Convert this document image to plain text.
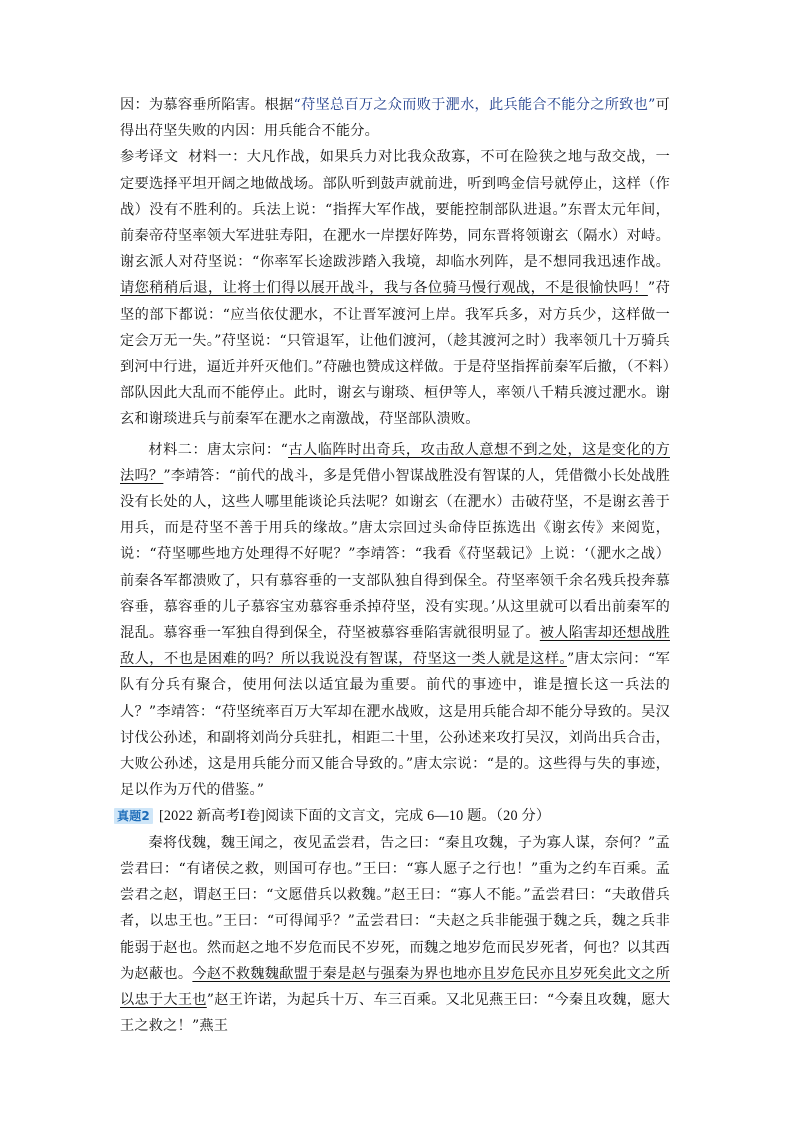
因：为慕容垂所陷害。根据“苻坚总百万之众而败于淝水，此兵能合不能分之所致也”可得出苻坚失败的内因：用兵能合不能分。

参考译文 材料一：大凡作战，如果兵力对比我众敌寡，不可在险狭之地与敌交战，一定要选择平坦开阔之地做战场。部队听到鼓声就前进，听到鸣金信号就停止，这样（作战）没有不胜利的。兵法上说：“指挥大军作战，要能控制部队进退。”东晋太元年间，前秦帝苻坚率领大军进驻寿阳，在淝水一岸摆好阵势，同东晋将领谢玄（隔水）对峙。谢玄派人对苻坚说：“你率军长途跋涉踏入我境，却临水列阵，是不想同我迅速作战。请您稍稍后退，让将士们得以展开战斗，我与各位骑马慢行观战，不是很愉快吗！”苻坚的部下都说：“应当依仗淝水，不让晋军渡河上岸。我军兵多，对方兵少，这样做一定会万无一失。”苻坚说：“只管退军，让他们渡河，（趁其渡河之时）我率领几十万骑兵到河中行进，逼近并歼灭他们。”苻融也赞成这样做。于是苻坚指挥前秦军后撤，（不料）部队因此大乱而不能停止。此时，谢玄与谢琰、桓伊等人，率领八千精兵渡过淝水。谢玄和谢琰进兵与前秦军在淝水之南激战，苻坚部队溃败。

材料二：唐太宗问：“古人临阵时出奇兵，攻击敌人意想不到之处，这是变化的方法吗？”李靖答：“前代的战斗，多是凭借小智谋战胜没有智谋的人，凭借微小长处战胜没有长处的人，这些人哪里能谈论兵法呢？如谢玄（在淝水）击破苻坚，不是谢玄善于用兵，而是苻坚不善于用兵的缘故。”唐太宗回过头命侍臣拣选出《谢玄传》来阅览，说：“苻坚哪些地方处理得不好呢？”李靖答：“我看《苻坚载记》上说：‘（淝水之战）前秦各军都溃败了，只有慕容垂的一支部队独自得到保全。苻坚率领千余名残兵投奔慕容垂，慕容垂的儿子慕容宝劝慕容垂杀掉苻坚，没有实现。’从这里就可以看出前秦军的混乱。慕容垂一军独自得到保全，苻坚被慕容垂陷害就很明显了。被人陷害却还想战胜敌人，不也是困难的吗？所以我说没有智谋，苻坚这一类人就是这样。”唐太宗问：“军队有分兵有聚合，使用何法以适宜最为重要。前代的事迹中，谁是擅长这一兵法的人？”李靖答：“苻坚统率百万大军却在淝水战败，这是用兵能合却不能分导致的。吴汉讨伐公孙述，和副将刘尚分兵驻扎，相距二十里，公孙述来攻打吴汉，刘尚出兵合击，大败公孙述，这是用兵能分而又能合导致的。”唐太宗说：“是的。这些得与失的事迹，足以作为万代的借鉴。”

真题2 [2022 新高考Ⅰ卷]阅读下面的文言文，完成 6—10 题。（20 分）

秦将伐魏，魏王闻之，夜见孟尝君，告之曰：“秦且攻魏，子为寡人谋，奈何？”孟尝君曰：“有诸侯之救，则国可存也。”王曰：“寡人愿子之行也！”重为之约车百乘。孟尝君之赵，谓赵王曰：“文愿借兵以救魏。”赵王曰：“寡人不能。”孟尝君曰：“夫敢借兵者，以忠王也。”王曰：“可得闻乎？”孟尝君曰：“夫赵之兵非能强于魏之兵，魏之兵非能弱于赵也。然而赵之地不岁危而民不岁死，而魏之地岁危而民岁死者，何也？以其西为赵蔽也。今赵不救魏魏歃盟于秦是赵与强秦为界也地亦且岁危民亦且岁死矣此文之所以忠于大王也”赵王许诺，为起兵十万、车三百乘。又北见燕王曰：“今秦且攻魏，愿大王之救之！”燕王
